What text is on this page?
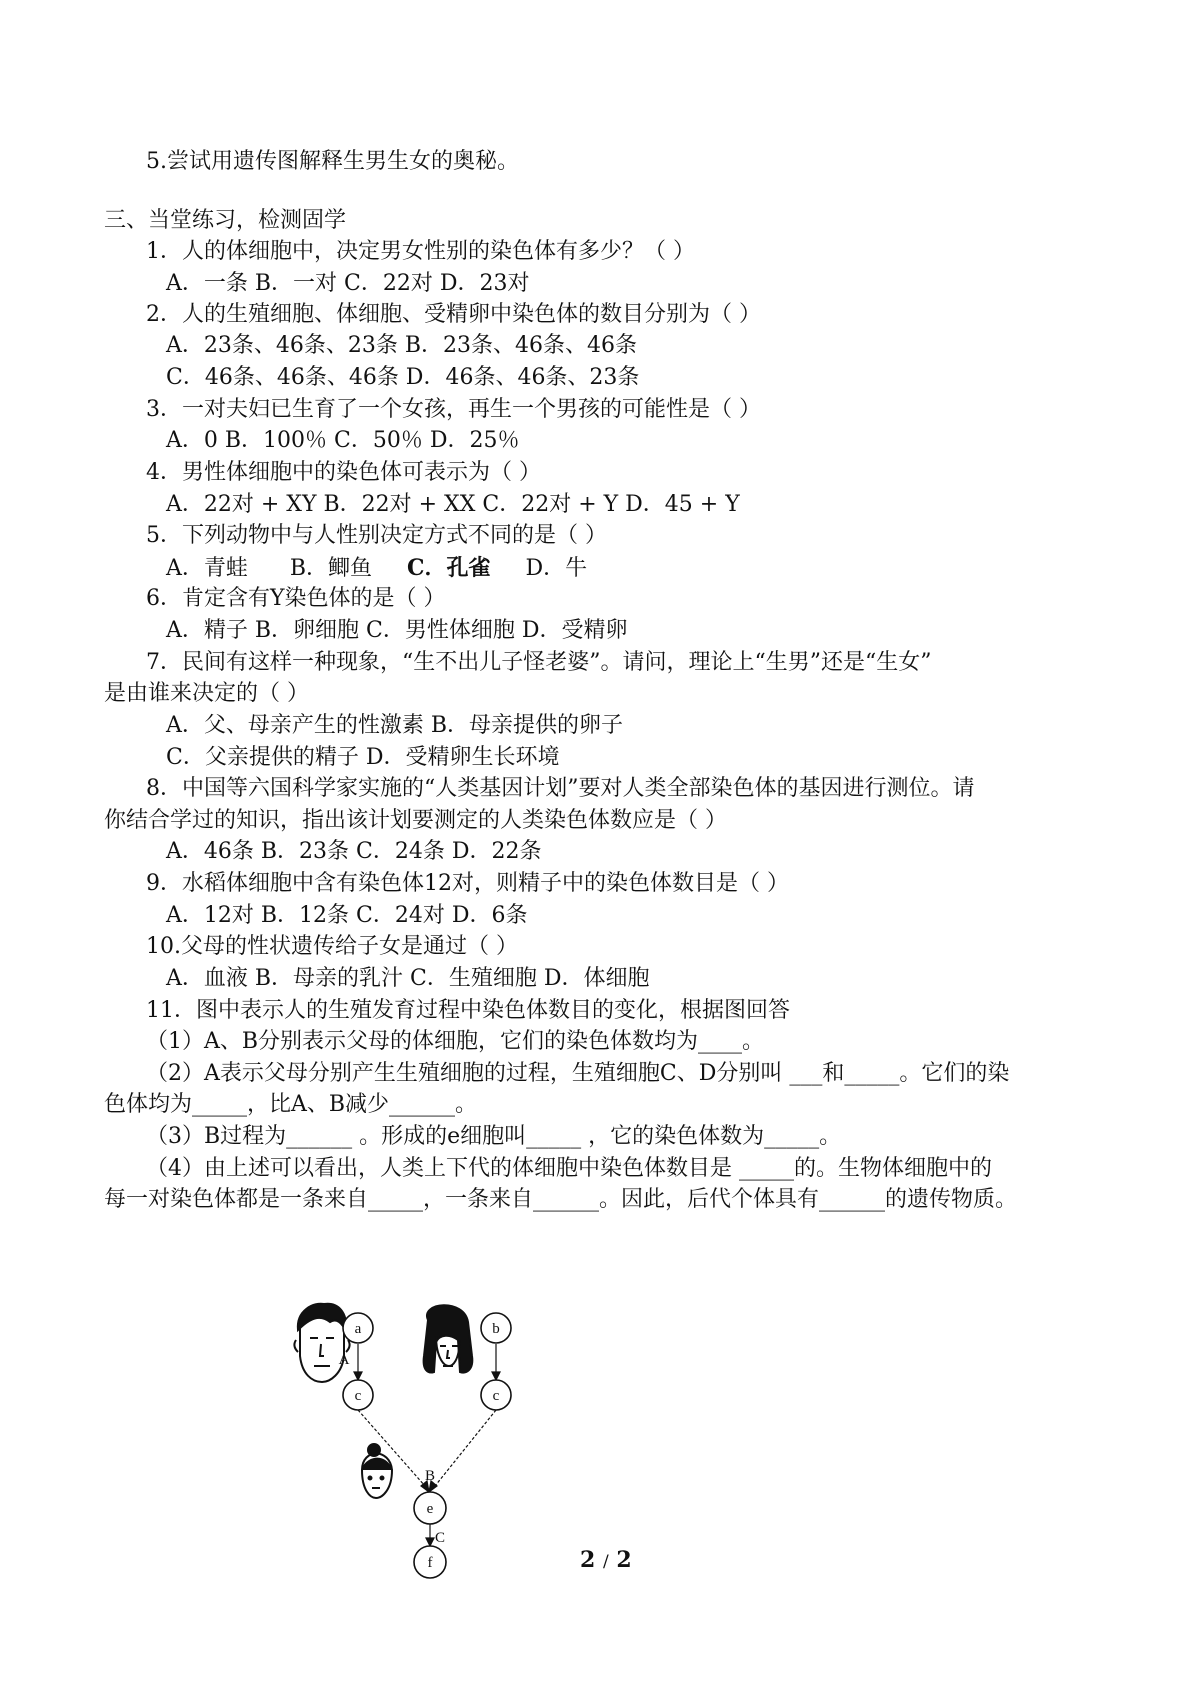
5.尝试用遗传图解释生男生女的奥秘。
三、当堂练习，检测固学
1．人的体细胞中，决定男女性别的染色体有多少？（ ）
A．一条 B．一对 C．22对 D．23对
2．人的生殖细胞、体细胞、受精卵中染色体的数目分别为（ ）
A．23条、46条、23条 B．23条、46条、46条
C．46条、46条、46条 D．46条、46条、23条
3．一对夫妇已生育了一个女孩，再生一个男孩的可能性是（ ）
A．0 B．100％ C．50％ D．25％
4．男性体细胞中的染色体可表示为（ ）
A．22对 + XY B．22对 + XX C．22对 + Y D．45 + Y
5．下列动物中与人性别决定方式不同的是（ ）
A．青蛙      B．鲫鱼     C．孔雀     D．牛
6．肯定含有Y染色体的是（ ）
A．精子 B．卵细胞 C．男性体细胞 D．受精卵
7．民间有这样一种现象，“生不出儿子怪老婆”。请问，理论上“生男”还是“生女”
是由谁来决定的（ ）
A．父、母亲产生的性激素 B．母亲提供的卵子
C．父亲提供的精子 D．受精卵生长环境
8．中国等六国科学家实施的“人类基因计划”要对人类全部染色体的基因进行测位。请
你结合学过的知识，指出该计划要测定的人类染色体数应是（ ）
A．46条 B．23条 C．24条 D．22条
9．水稻体细胞中含有染色体12对，则精子中的染色体数目是（ ）
A．12对 B．12条 C．24对 D．6条
10.父母的性状遗传给子女是通过（ ）
A．血液 B．母亲的乳汁 C．生殖细胞 D．体细胞
11．图中表示人的生殖发育过程中染色体数目的变化，根据图回答
（1）A、B分别表示父母的体细胞，它们的染色体数均为____。
（2）A表示父母分别产生生殖细胞的过程，生殖细胞C、D分别叫 ___和_____。它们的染
色体均为_____，比A、B减少______。
（3）B过程为______ 。形成的e细胞叫_____ ，它的染色体数为_____。
（4）由上述可以看出，人类上下代的体细胞中染色体数目是 _____的。生物体细胞中的
每一对染色体都是一条来自_____，一条来自______。因此，后代个体具有______的遗传物质。
a	b
c	c
e
f
A
B
C
2 / 2
